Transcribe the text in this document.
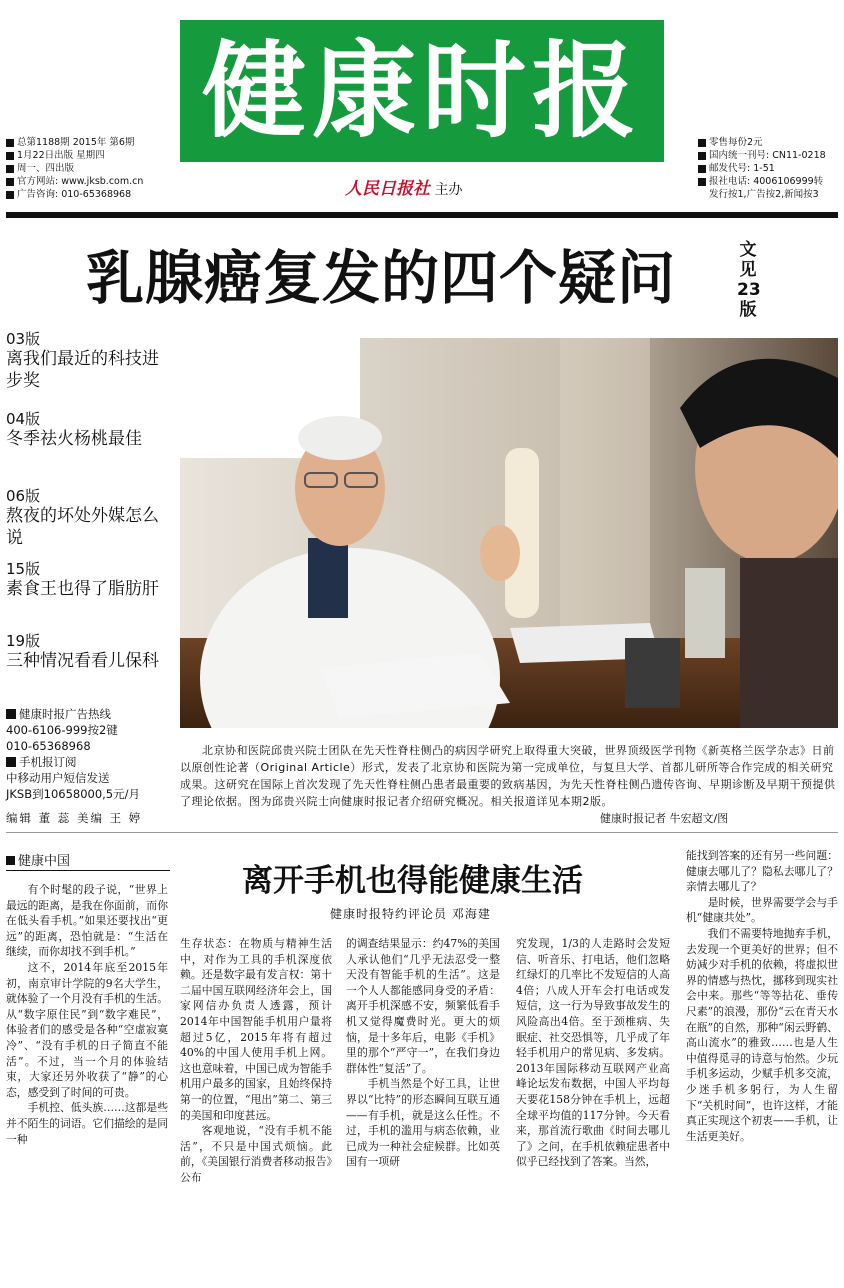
健康时报
人民日报社 主办
总第1188期 2015年 第6期
1月22日出版 星期四
周一、四出版
官方网站: www.jksb.com.cn
广告咨询: 010-65368968
零售每份2元
国内统一刊号: CN11-0218
邮发代号: 1-51
报社电话: 4006106999转
发行按1,广告按2,新闻按3
乳腺癌复发的四个疑问	文见23版
03版
离我们最近的科技进步奖
04版
冬季祛火杨桃最佳
06版
熬夜的坏处外媒怎么说
15版
素食王也得了脂肪肝
19版
三种情况看看儿保科
健康时报广告热线
400-6106-999按2键
010-65368968
手机报订阅
中移动用户短信发送
JKSB到10658000,5元/月
编辑 董 蕊 美编 王 婷
北京协和医院邱贵兴院士团队在先天性脊柱侧凸的病因学研究上取得重大突破，世界顶级医学刊物《新英格兰医学杂志》日前以原创性论著（Original Article）形式，发表了北京协和医院为第一完成单位，与复旦大学、首都儿研所等合作完成的相关研究成果。这研究在国际上首次发现了先天性脊柱侧凸患者最重要的致病基因，为先天性脊柱侧凸遗传咨询、早期诊断及早期干预提供了理论依据。图为邱贵兴院士向健康时报记者介绍研究概况。相关报道详见本期2版。
健康时报记者 牛宏超文/图
健康中国

有个时髦的段子说，“世界上最远的距离，是我在你面前，而你在低头看手机。”如果还要找出“更远”的距离，恐怕就是：“生活在继续，而你却找不到手机。”

这不，2014年底至2015年初，南京审计学院的9名大学生，就体验了一个月没有手机的生活。从“数字原住民”到“数字难民”，体验者们的感受是各种“空虚寂寞冷”、“没有手机的日子简直不能活”。不过，当一个月的体验结束，大家还另外收获了“静”的心态，感受到了时间的可贵。

手机控、低头族……这都是些并不陌生的词语。它们描绘的是同一种

离开手机也得能健康生活
健康时报特约评论员 邓海建

生存状态：在物质与精神生活中，对作为工具的手机深度依赖。还是数字最有发言权：第十二届中国互联网经济年会上，国家网信办负责人透露，预计2014年中国智能手机用户量将超过5亿，2015年将有超过40%的中国人使用手机上网。这也意味着，中国已成为智能手机用户最多的国家，且始终保持第一的位置，“甩出”第二、第三的美国和印度甚远。

客观地说，“没有手机不能活”，不只是中国式烦恼。此前，《美国银行消费者移动报告》公布

的调查结果显示：约47%的美国人承认他们“几乎无法忍受一整天没有智能手机的生活”。这是一个人人都能感同身受的矛盾：离开手机深感不安，频繁低看手机又觉得魔费时光。更大的烦恼，是十多年后，电影《手机》里的那个“严守一”，在我们身边群体性“复活”了。

手机当然是个好工具，让世界以“比特”的形态瞬间互联互通——有手机，就是这么任性。不过，手机的滥用与病态依赖，业已成为一种社会症候群。比如英国有一项研

究发现，1/3的人走路时会发短信、听音乐、打电话，他们忽略红绿灯的几率比不发短信的人高4倍；八成人开车会打电话或发短信，这一行为导致事故发生的风险高出4倍。至于颈椎病、失眠症、社交恐惧等，几乎成了年轻手机用户的常见病、多发病。2013年国际移动互联网产业高峰论坛发布数据，中国人平均每天要花158分钟在手机上，远超全球平均值的117分钟。今天看来，那首流行歌曲《时间去哪儿了》之问，在手机依赖症患者中似乎已经找到了答案。当然，

能找到答案的还有另一些问题：健康去哪儿了？隐私去哪儿了？亲情去哪儿了？

是时候，世界需要学会与手机“健康共处”。

我们不需要特地抛弃手机，去发现一个更美好的世界；但不妨减少对手机的依赖，将虚拟世界的情感与热忱，挪移到现实社会中来。那些“等等拈花、垂传尺素”的浪漫，那份“云在青天水在瓶”的自然，那种“闲云野鹤、高山流水”的雅致……也是人生中值得觅寻的诗意与怡然。少玩手机多运动，少赋手机多交流，少迷手机多躬行，为人生留下“关机时间”，也许这样，才能真正实现这个初衷——手机，让生活更美好。
